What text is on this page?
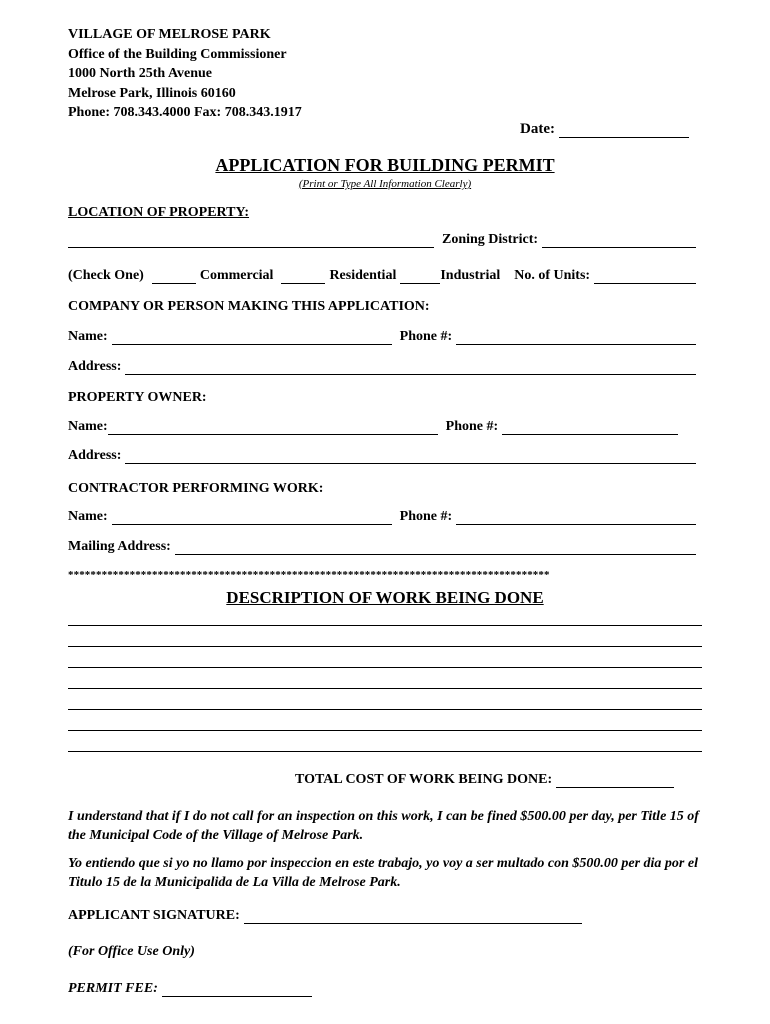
VILLAGE OF MELROSE PARK
Office of the Building Commissioner
1000 North 25th Avenue
Melrose Park, Illinois 60160
Phone: 708.343.4000 Fax: 708.343.1917
Date:
APPLICATION FOR BUILDING PERMIT
(Print or Type All Information Clearly)
LOCATION OF PROPERTY:
Zoning District:
(Check One)	Commercial	Residential	Industrial No. of Units:
COMPANY OR PERSON MAKING THIS APPLICATION:
Name:	Phone #:
Address:
PROPERTY OWNER:
Name:	Phone #:
Address:
CONTRACTOR PERFORMING WORK:
Name:	Phone #:
Mailing Address:
**************************************************************************************
DESCRIPTION OF WORK BEING DONE
TOTAL COST OF WORK BEING DONE:
I understand that if I do not call for an inspection on this work, I can be fined $500.00 per day, per Title 15 of the Municipal Code of the Village of Melrose Park.
Yo entiendo que si yo no llamo por inspeccion en este trabajo, yo voy a ser multado con $500.00 per dia por el Titulo 15 de la Municipalida de La Villa de Melrose Park.
APPLICANT SIGNATURE:
(For Office Use Only)
PERMIT FEE:
